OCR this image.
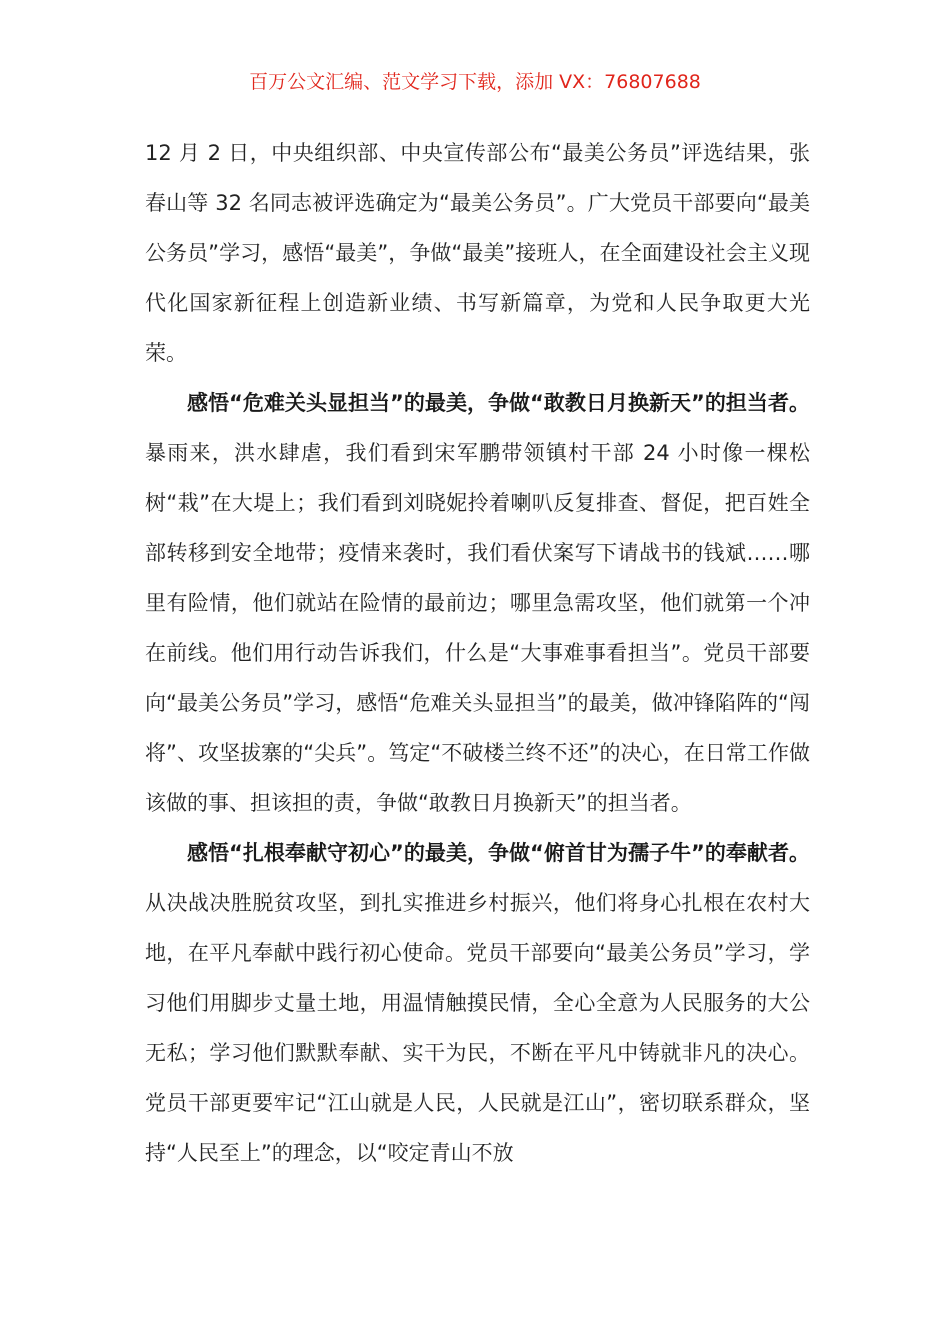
百万公文汇编、范文学习下载，添加 VX：76807688

12 月 2 日，中央组织部、中央宣传部公布“最美公务员”评选结果，张春山等 32 名同志被评选确定为“最美公务员”。广大党员干部要向“最美公务员”学习，感悟“最美”，争做“最美”接班人，在全面建设社会主义现代化国家新征程上创造新业绩、书写新篇章，为党和人民争取更大光荣。

感悟“危难关头显担当”的最美，争做“敢教日月换新天”的担当者。暴雨来，洪水肆虐，我们看到宋军鹏带领镇村干部 24 小时像一棵松树“栽”在大堤上；我们看到刘晓妮拎着喇叭反复排查、督促，把百姓全部转移到安全地带；疫情来袭时，我们看伏案写下请战书的钱斌……哪里有险情，他们就站在险情的最前边；哪里急需攻坚，他们就第一个冲在前线。他们用行动告诉我们，什么是“大事难事看担当”。党员干部要向“最美公务员”学习，感悟“危难关头显担当”的最美，做冲锋陷阵的“闯将”、攻坚拔寨的“尖兵”。笃定“不破楼兰终不还”的决心，在日常工作做该做的事、担该担的责，争做“敢教日月换新天”的担当者。

感悟“扎根奉献守初心”的最美，争做“俯首甘为孺子牛”的奉献者。从决战决胜脱贫攻坚，到扎实推进乡村振兴，他们将身心扎根在农村大地，在平凡奉献中践行初心使命。党员干部要向“最美公务员”学习，学习他们用脚步丈量土地，用温情触摸民情，全心全意为人民服务的大公无私；学习他们默默奉献、实干为民，不断在平凡中铸就非凡的决心。党员干部更要牢记“江山就是人民，人民就是江山”，密切联系群众，坚持“人民至上”的理念，以“咬定青山不放
